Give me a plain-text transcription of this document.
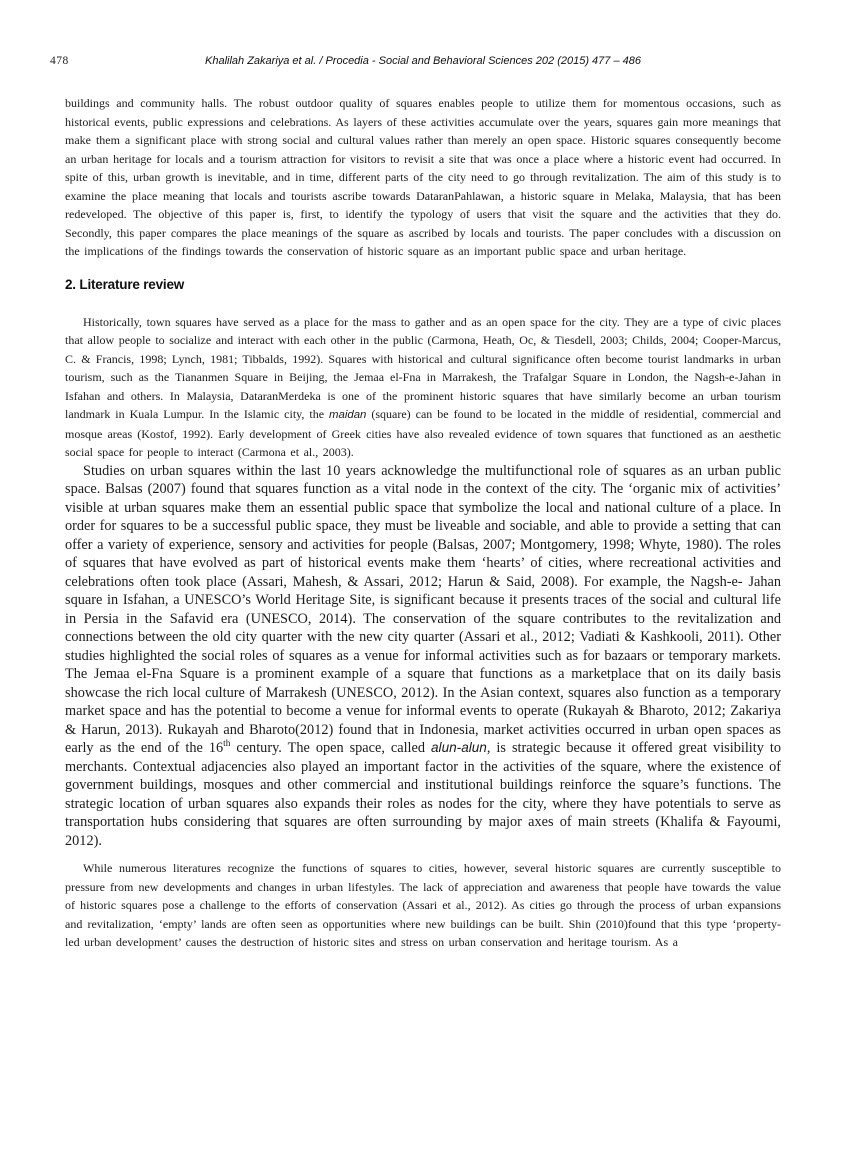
478	Khalilah Zakariya et al. / Procedia - Social and Behavioral Sciences 202 (2015) 477 – 486

buildings and community halls. The robust outdoor quality of squares enables people to utilize them for momentous occasions, such as historical events, public expressions and celebrations. As layers of these activities accumulate over the years, squares gain more meanings that make them a significant place with strong social and cultural values rather than merely an open space. Historic squares consequently become an urban heritage for locals and a tourism attraction for visitors to revisit a site that was once a place where a historic event had occurred. In spite of this, urban growth is inevitable, and in time, different parts of the city need to go through revitalization. The aim of this study is to examine the place meaning that locals and tourists ascribe towards DataranPahlawan, a historic square in Melaka, Malaysia, that has been redeveloped. The objective of this paper is, first, to identify the typology of users that visit the square and the activities that they do. Secondly, this paper compares the place meanings of the square as ascribed by locals and tourists. The paper concludes with a discussion on the implications of the findings towards the conservation of historic square as an important public space and urban heritage.

2. Literature review

Historically, town squares have served as a place for the mass to gather and as an open space for the city. They are a type of civic places that allow people to socialize and interact with each other in the public (Carmona, Heath, Oc, & Tiesdell, 2003; Childs, 2004; Cooper-Marcus, C. & Francis, 1998; Lynch, 1981; Tibbalds, 1992). Squares with historical and cultural significance often become tourist landmarks in urban tourism, such as the Tiananmen Square in Beijing, the Jemaa el-Fna in Marrakesh, the Trafalgar Square in London, the Nagsh-e-Jahan in Isfahan and others. In Malaysia, DataranMerdeka is one of the prominent historic squares that have similarly become an urban tourism landmark in Kuala Lumpur. In the Islamic city, the maidan (square) can be found to be located in the middle of residential, commercial and mosque areas (Kostof, 1992). Early development of Greek cities have also revealed evidence of town squares that functioned as an aesthetic social space for people to interact (Carmona et al., 2003).

Studies on urban squares within the last 10 years acknowledge the multifunctional role of squares as an urban public space. Balsas (2007) found that squares function as a vital node in the context of the city. The ‘organic mix of activities’ visible at urban squares make them an essential public space that symbolize the local and national culture of a place. In order for squares to be a successful public space, they must be liveable and sociable, and able to provide a setting that can offer a variety of experience, sensory and activities for people (Balsas, 2007; Montgomery, 1998; Whyte, 1980). The roles of squares that have evolved as part of historical events make them ‘hearts’ of cities, where recreational activities and celebrations often took place (Assari, Mahesh, & Assari, 2012; Harun & Said, 2008). For example, the Nagsh-e- Jahan square in Isfahan, a UNESCO’s World Heritage Site, is significant because it presents traces of the social and cultural life in Persia in the Safavid era (UNESCO, 2014). The conservation of the square contributes to the revitalization and connections between the old city quarter with the new city quarter (Assari et al., 2012; Vadiati & Kashkooli, 2011). Other studies highlighted the social roles of squares as a venue for informal activities such as for bazaars or temporary markets. The Jemaa el-Fna Square is a prominent example of a square that functions as a marketplace that on its daily basis showcase the rich local culture of Marrakesh (UNESCO, 2012). In the Asian context, squares also function as a temporary market space and has the potential to become a venue for informal events to operate (Rukayah & Bharoto, 2012; Zakariya & Harun, 2013). Rukayah and Bharoto(2012) found that in Indonesia, market activities occurred in urban open spaces as early as the end of the 16th century. The open space, called alun-alun, is strategic because it offered great visibility to merchants. Contextual adjacencies also played an important factor in the activities of the square, where the existence of government buildings, mosques and other commercial and institutional buildings reinforce the square’s functions. The strategic location of urban squares also expands their roles as nodes for the city, where they have potentials to serve as transportation hubs considering that squares are often surrounding by major axes of main streets (Khalifa & Fayoumi, 2012).

While numerous literatures recognize the functions of squares to cities, however, several historic squares are currently susceptible to pressure from new developments and changes in urban lifestyles. The lack of appreciation and awareness that people have towards the value of historic squares pose a challenge to the efforts of conservation (Assari et al., 2012). As cities go through the process of urban expansions and revitalization, ‘empty’ lands are often seen as opportunities where new buildings can be built. Shin (2010)found that this type ‘property-led urban development’ causes the destruction of historic sites and stress on urban conservation and heritage tourism. As a
